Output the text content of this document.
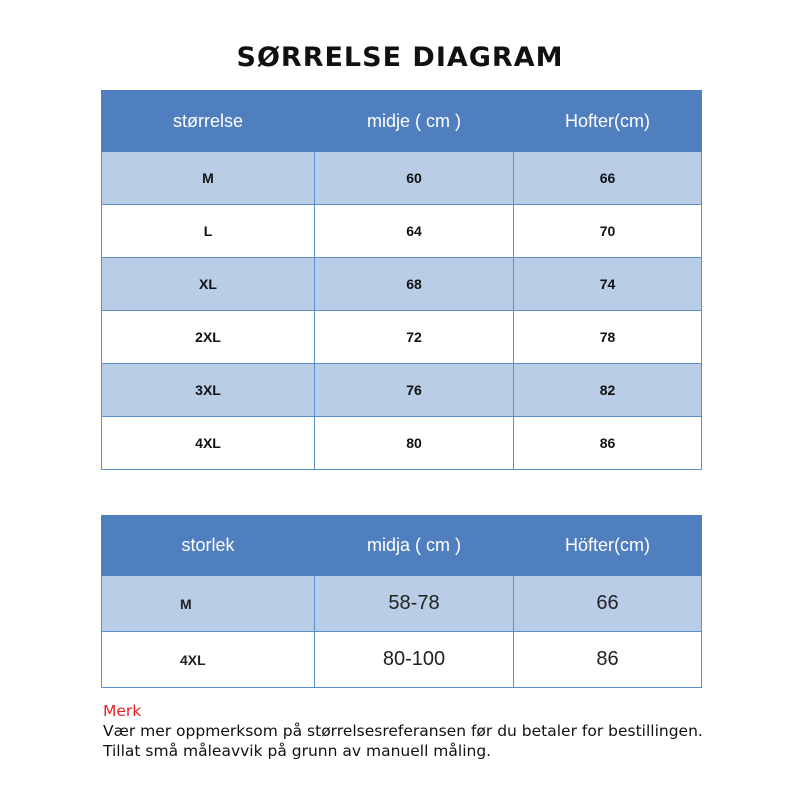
SØRRELSE DIAGRAM
størrelse	midje ( cm )	Hofter(cm)
M	60	66
L	64	70
XL	68	74
2XL	72	78
3XL	76	82
4XL	80	86
storlek	midja ( cm )	Höfter(cm)
M	58-78	66
4XL	80-100	86
Merk
Vær mer oppmerksom på størrelsesreferansen før du betaler for bestillingen.
Tillat små måleavvik på grunn av manuell måling.
